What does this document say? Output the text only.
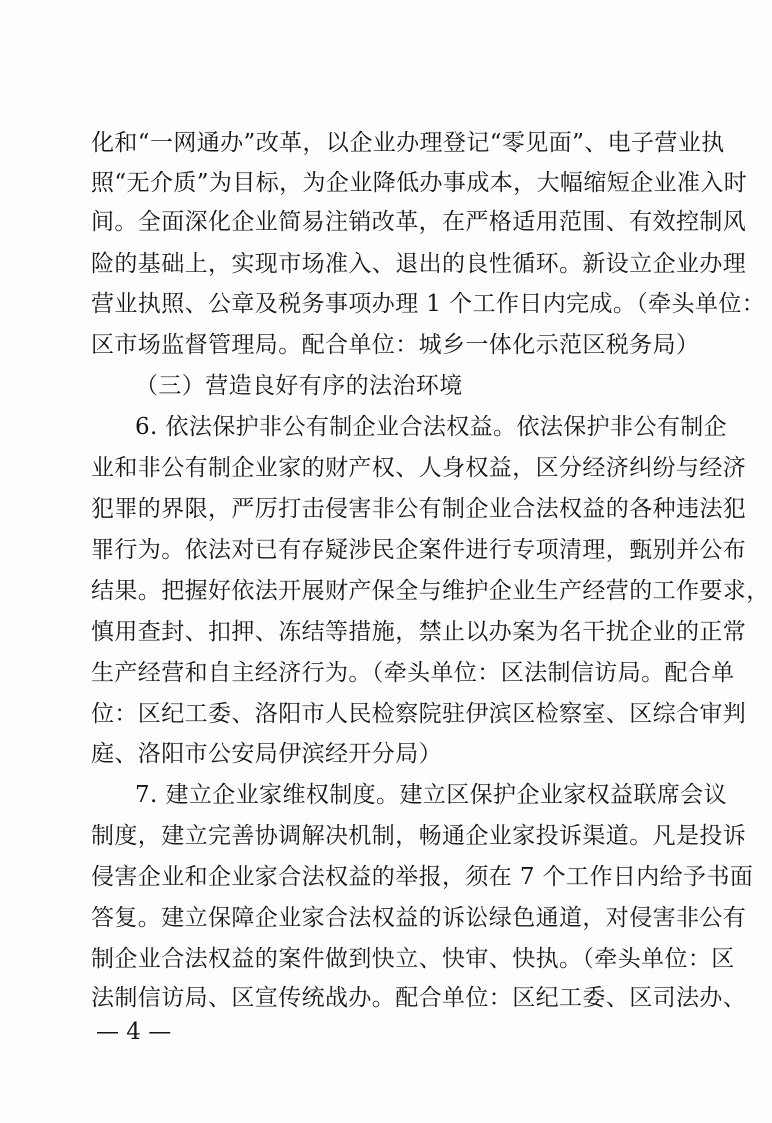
化和“一网通办”改革，以企业办理登记“零见面”、电子营业执
照“无介质”为目标，为企业降低办事成本，大幅缩短企业准入时
间。全面深化企业简易注销改革，在严格适用范围、有效控制风
险的基础上，实现市场准入、退出的良性循环。新设立企业办理
营业执照、公章及税务事项办理 1 个工作日内完成。（牵头单位：
区市场监督管理局。配合单位：城乡一体化示范区税务局）
（三）营造良好有序的法治环境
6. 依法保护非公有制企业合法权益。依法保护非公有制企
业和非公有制企业家的财产权、人身权益，区分经济纠纷与经济
犯罪的界限，严厉打击侵害非公有制企业合法权益的各种违法犯
罪行为。依法对已有存疑涉民企案件进行专项清理，甄别并公布
结果。把握好依法开展财产保全与维护企业生产经营的工作要求，
慎用查封、扣押、冻结等措施，禁止以办案为名干扰企业的正常
生产经营和自主经济行为。（牵头单位：区法制信访局。配合单
位：区纪工委、洛阳市人民检察院驻伊滨区检察室、区综合审判
庭、洛阳市公安局伊滨经开分局）
7. 建立企业家维权制度。建立区保护企业家权益联席会议
制度，建立完善协调解决机制，畅通企业家投诉渠道。凡是投诉
侵害企业和企业家合法权益的举报，须在 7 个工作日内给予书面
答复。建立保障企业家合法权益的诉讼绿色通道，对侵害非公有
制企业合法权益的案件做到快立、快审、快执。（牵头单位：区
法制信访局、区宣传统战办。配合单位：区纪工委、区司法办、
— 4 —
